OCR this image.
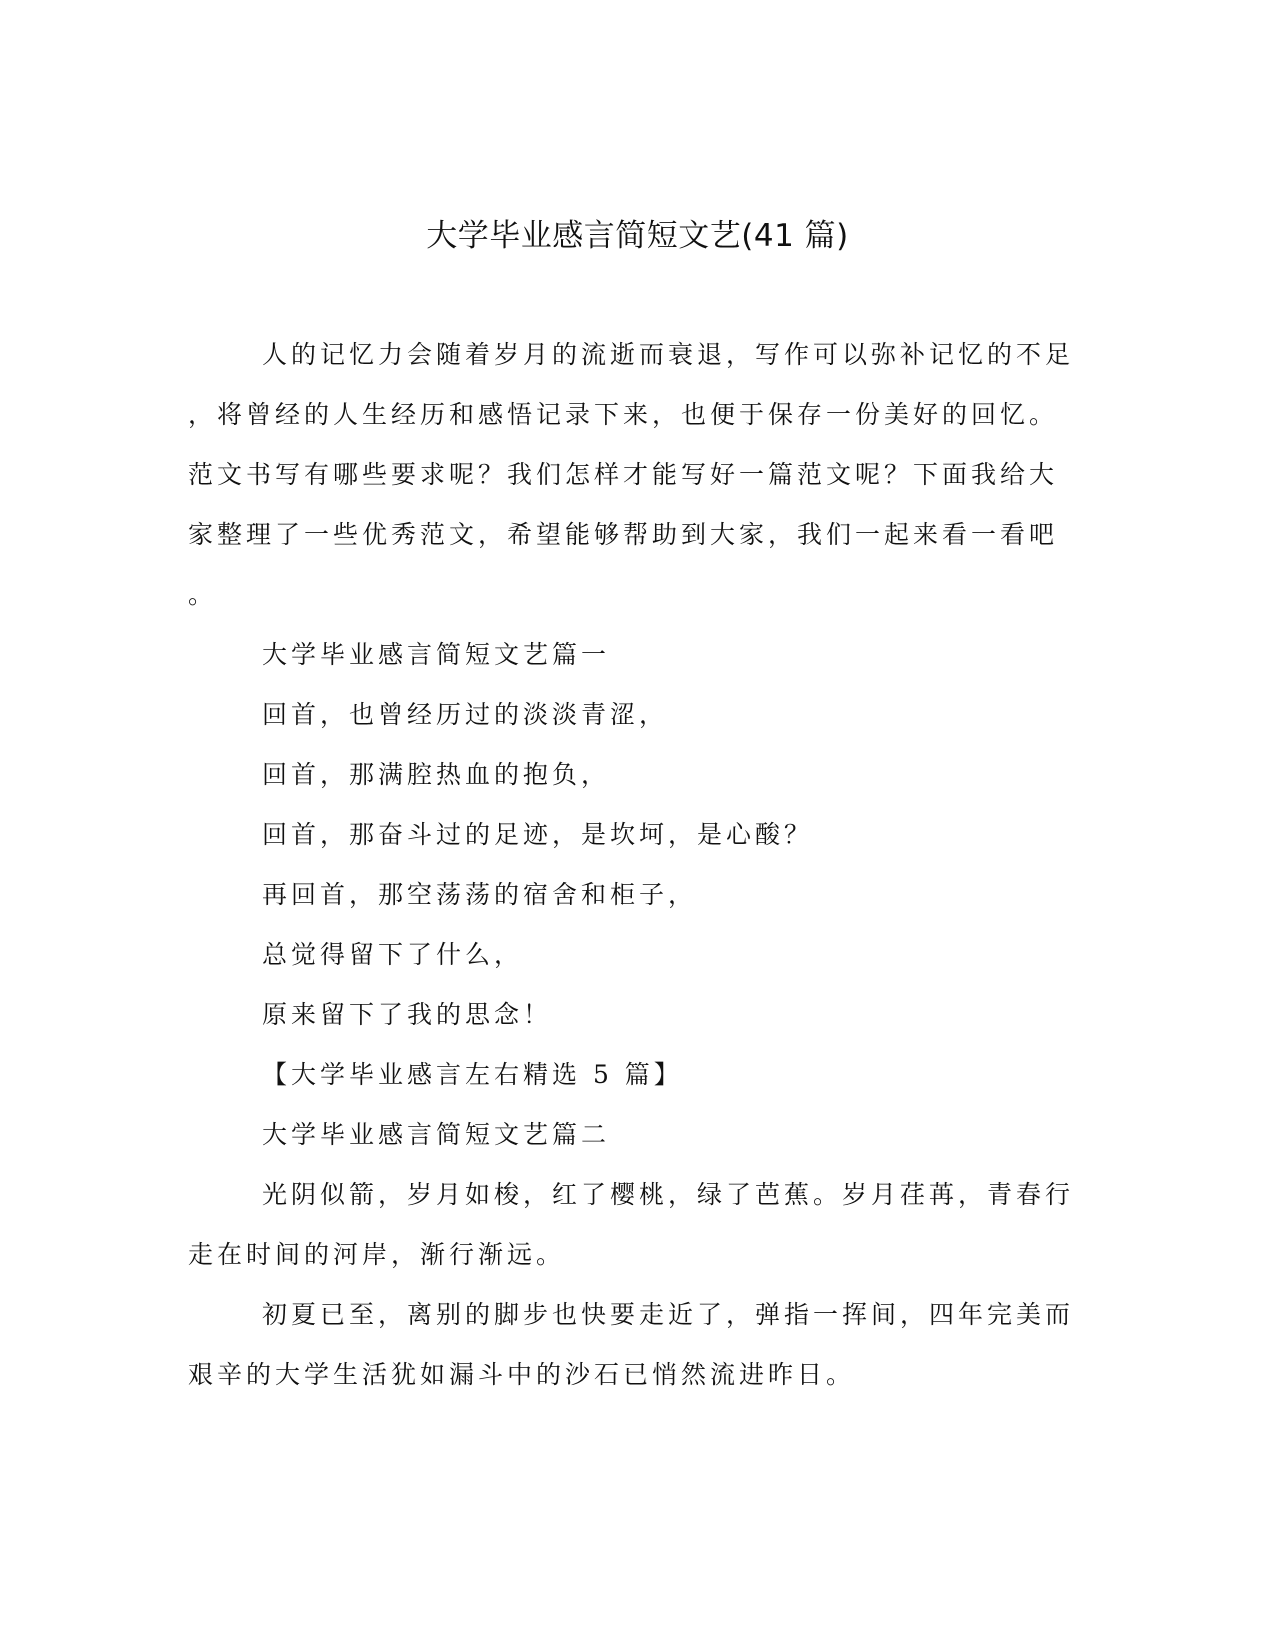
大学毕业感言简短文艺(41 篇)
人的记忆力会随着岁月的流逝而衰退，写作可以弥补记忆的不足
，将曾经的人生经历和感悟记录下来，也便于保存一份美好的回忆。
范文书写有哪些要求呢？我们怎样才能写好一篇范文呢？下面我给大
家整理了一些优秀范文，希望能够帮助到大家，我们一起来看一看吧
。
大学毕业感言简短文艺篇一
回首，也曾经历过的淡淡青涩，
回首，那满腔热血的抱负，
回首，那奋斗过的足迹，是坎坷，是心酸？
再回首，那空荡荡的宿舍和柜子，
总觉得留下了什么，
原来留下了我的思念！
【大学毕业感言左右精选 5 篇】
大学毕业感言简短文艺篇二
光阴似箭，岁月如梭，红了樱桃，绿了芭蕉。岁月荏苒，青春行
走在时间的河岸，渐行渐远。
初夏已至，离别的脚步也快要走近了，弹指一挥间，四年完美而
艰辛的大学生活犹如漏斗中的沙石已悄然流进昨日。
